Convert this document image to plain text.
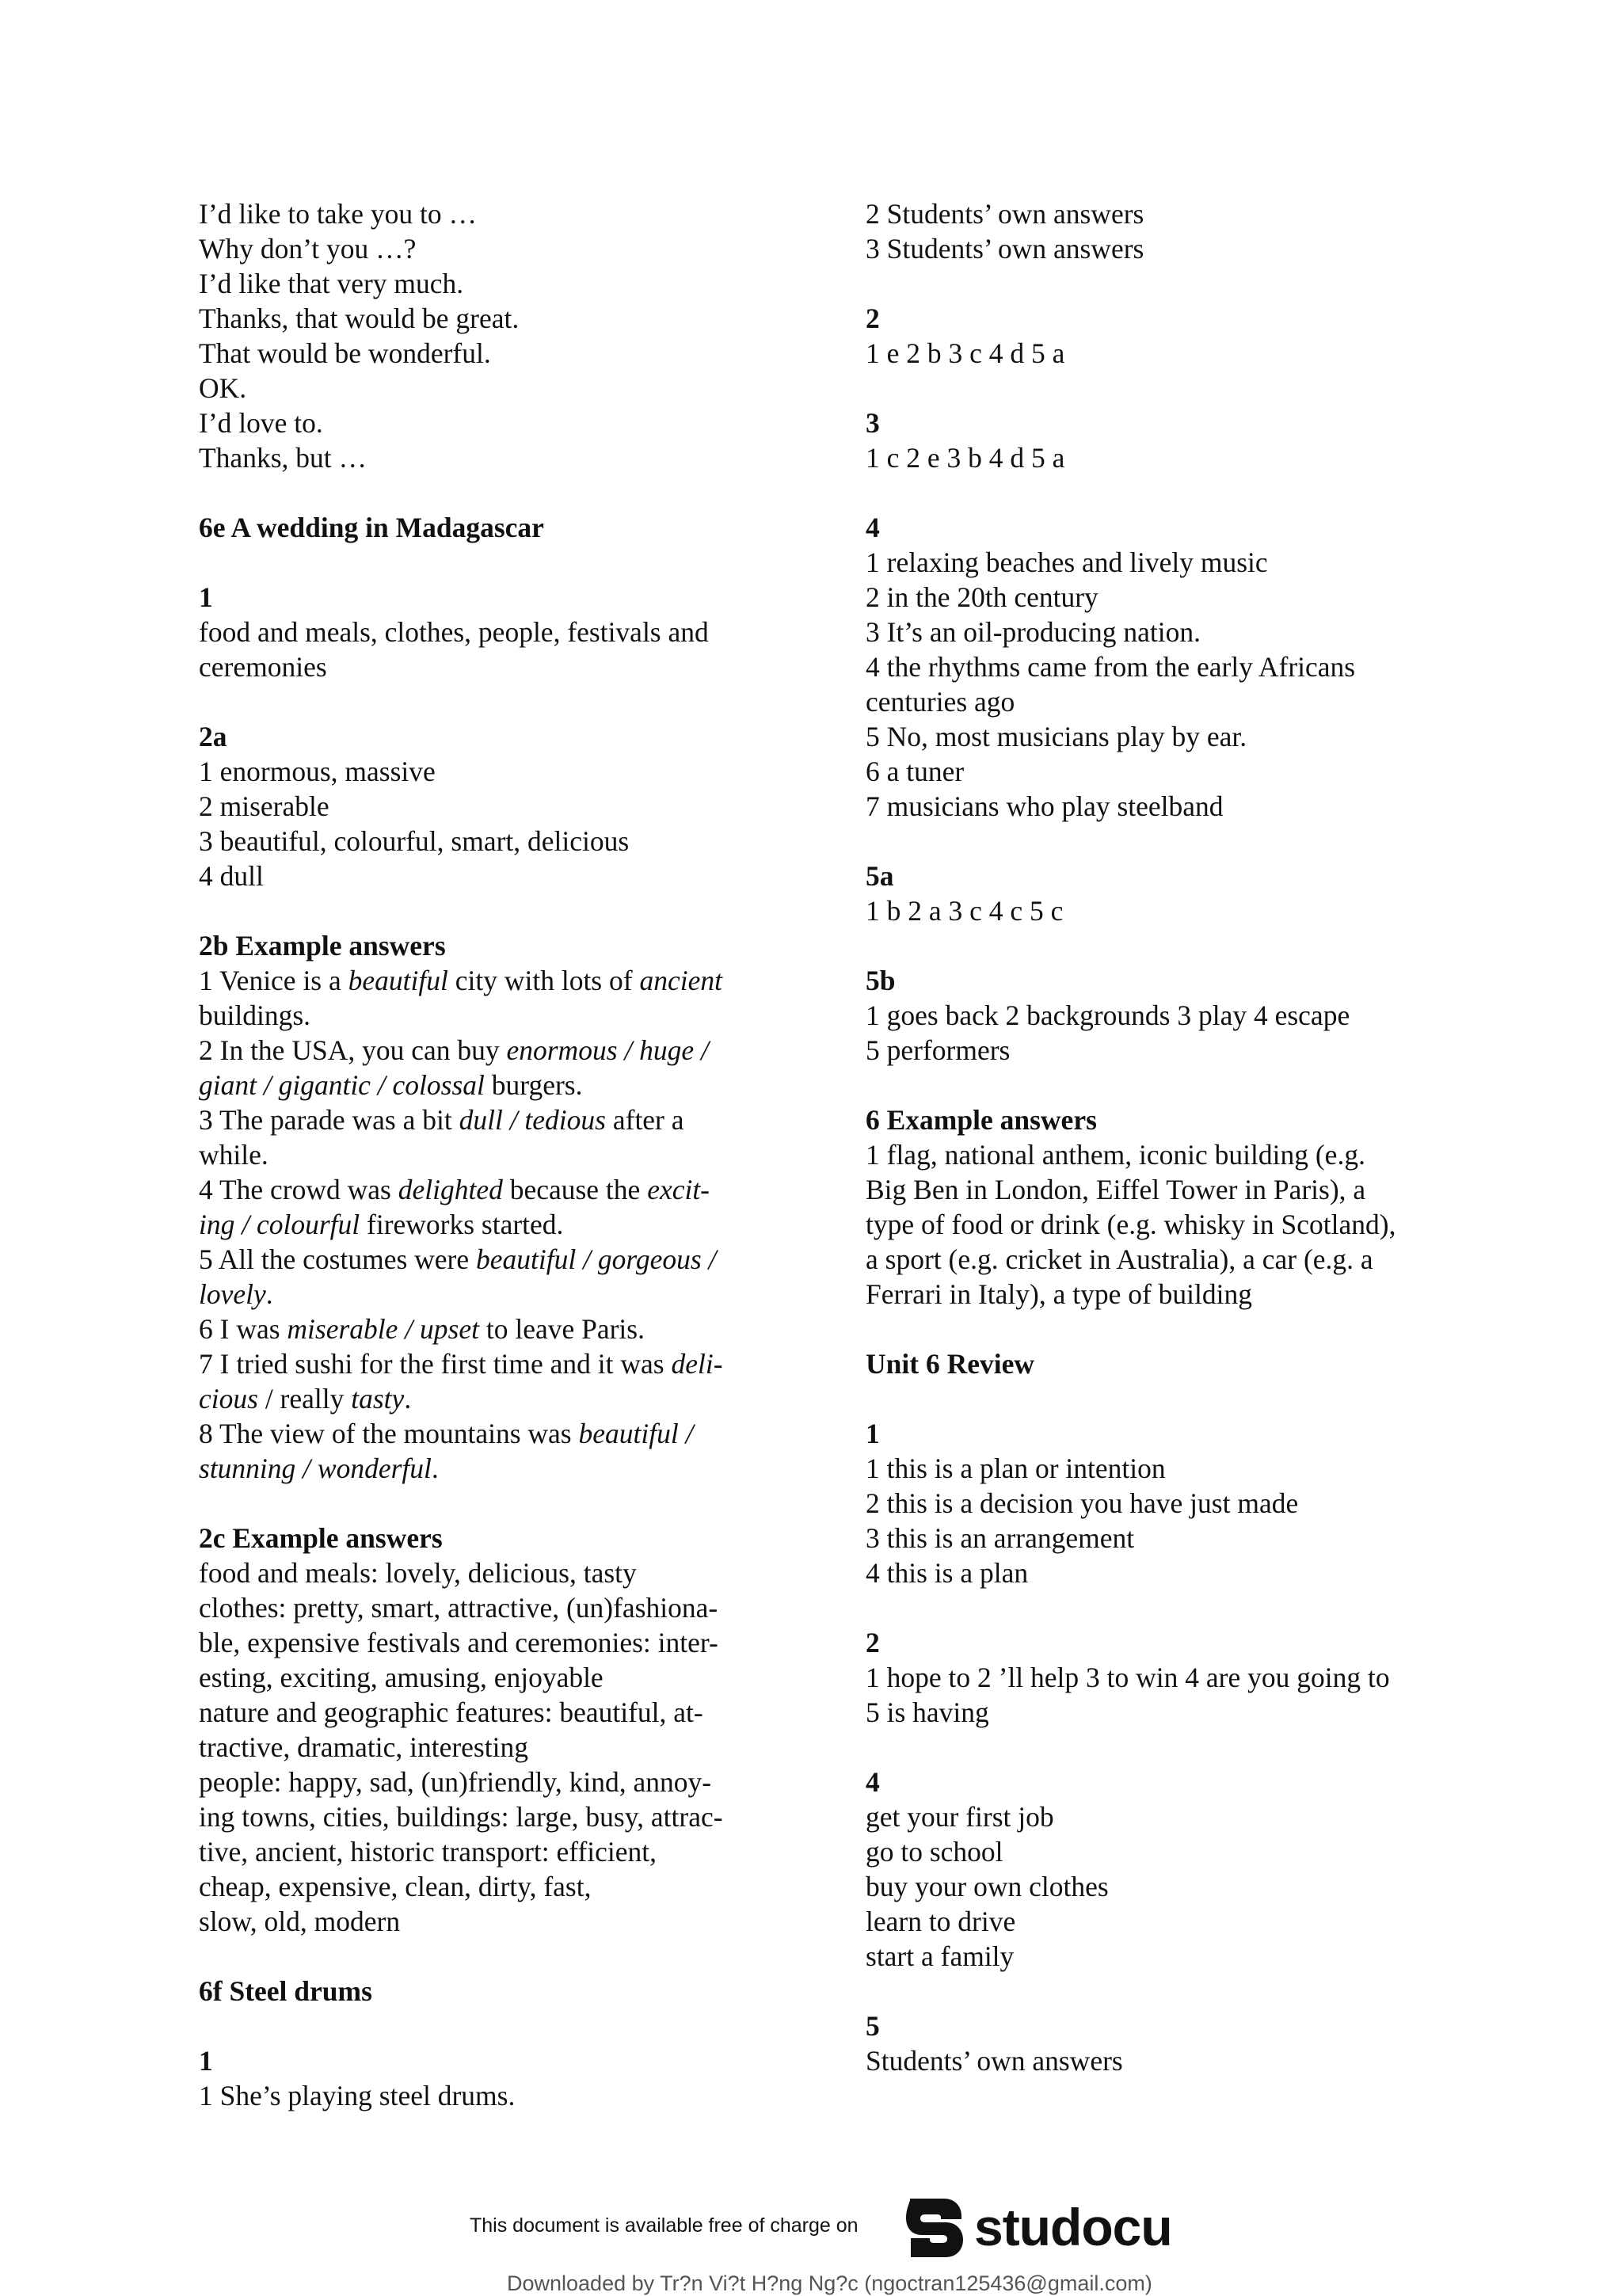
I’d like to take you to …
Why don’t you …?
I’d like that very much.
Thanks, that would be great.
That would be wonderful.
OK.
I’d love to.
Thanks, but …
6e A wedding in Madagascar
1
food and meals, clothes, people, festivals and
ceremonies
2a
1 enormous, massive
2 miserable
3 beautiful, colourful, smart, delicious
4 dull
2b Example answers
1 Venice is a beautiful city with lots of ancient
buildings.
2 In the USA, you can buy enormous / huge /
giant / gigantic / colossal burgers.
3 The parade was a bit dull / tedious after a
while.
4 The crowd was delighted because the excit-
ing / colourful fireworks started.
5 All the costumes were beautiful / gorgeous /
lovely.
6 I was miserable / upset to leave Paris.
7 I tried sushi for the first time and it was deli-
cious / really tasty.
8 The view of the mountains was beautiful /
stunning / wonderful.
2c Example answers
food and meals: lovely, delicious, tasty
clothes: pretty, smart, attractive, (un)fashiona-
ble, expensive festivals and ceremonies: inter-
esting, exciting, amusing, enjoyable
nature and geographic features: beautiful, at-
tractive, dramatic, interesting
people: happy, sad, (un)friendly, kind, annoy-
ing towns, cities, buildings: large, busy, attrac-
tive, ancient, historic transport: efficient,
cheap, expensive, clean, dirty, fast,
slow, old, modern
6f Steel drums
1
1 She’s playing steel drums.
2 Students’ own answers
3 Students’ own answers
2
1 e 2 b 3 c 4 d 5 a
3
1 c 2 e 3 b 4 d 5 a
4
1 relaxing beaches and lively music
2 in the 20th century
3 It’s an oil-producing nation.
4 the rhythms came from the early Africans
centuries ago
5 No, most musicians play by ear.
6 a tuner
7 musicians who play steelband
5a
1 b 2 a 3 c 4 c 5 c
5b
1 goes back 2 backgrounds 3 play 4 escape
5 performers
6 Example answers
1 flag, national anthem, iconic building (e.g.
Big Ben in London, Eiffel Tower in Paris), a
type of food or drink (e.g. whisky in Scotland),
a sport (e.g. cricket in Australia), a car (e.g. a
Ferrari in Italy), a type of building
Unit 6 Review
1
1 this is a plan or intention
2 this is a decision you have just made
3 this is an arrangement
4 this is a plan
2
1 hope to 2 ’ll help 3 to win 4 are you going to
5 is having
4
get your first job
go to school
buy your own clothes
learn to drive
start a family
5
Students’ own answers
This document is available free of charge on studocu
Downloaded by Tr?n Vi?t H?ng Ng?c (ngoctran125436@gmail.com)
